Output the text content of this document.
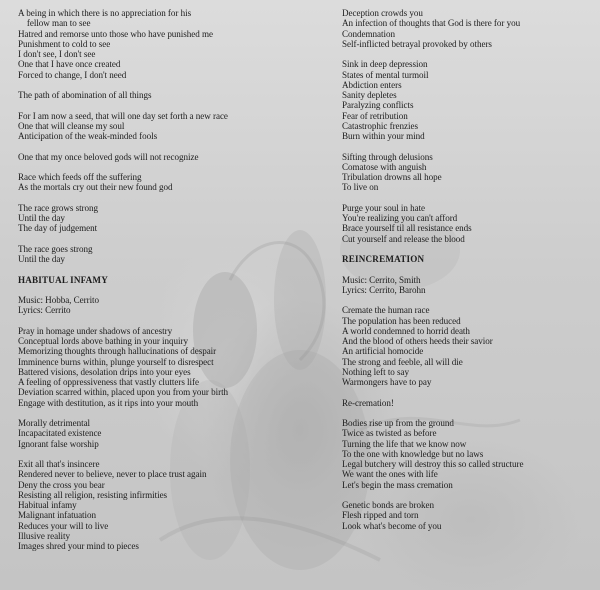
A being in which there is no appreciation for his
fellow man to see
Hatred and remorse unto those who have punished me
Punishment to cold to see
I don't see, I don't see
One that I have once created
Forced to change, I don't need
The path of abomination of all things
For I am now a seed, that will one day set forth a new race
One that will cleanse my soul
Anticipation of the weak-minded fools
One that my once beloved gods will not recognize
Race which feeds off the suffering
As the mortals cry out their new found god
The race grows strong
Until the day
The day of judgement
The race goes strong
Until the day
HABITUAL INFAMY
Music: Hobba, Cerrito
Lyrics: Cerrito
Pray in homage under shadows of ancestry
Conceptual lords above bathing in your inquiry
Memorizing thoughts through hallucinations of despair
Imminence burns within, plunge yourself to disrespect
Battered visions, desolation drips into your eyes
A feeling of oppressiveness that vastly clutters life
Deviation scarred within, placed upon you from your birth
Engage with destitution, as it rips into your mouth
Morally detrimental
Incapacitated existence
Ignorant false worship
Exit all that's insincere
Rendered never to believe, never to place trust again
Deny the cross you bear
Resisting all religion, resisting infirmities
Habitual infamy
Malignant infatuation
Reduces your will to live
Illusive reality
Images shred your mind to pieces
Deception crowds you
An infection of thoughts that God is there for you
Condemnation
Self-inflicted betrayal provoked by others
Sink in deep depression
States of mental turmoil
Abdiction enters
Sanity depletes
Paralyzing conflicts
Fear of retribution
Catastrophic frenzies
Burn within your mind
Sifting through delusions
Comatose with anguish
Tribulation drowns all hope
To live on
Purge your soul in hate
You're realizing you can't afford
Brace yourself til all resistance ends
Cut yourself and release the blood
REINCREMATION
Music: Cerrito, Smith
Lyrics: Cerrito, Barohn
Cremate the human race
The population has been reduced
A world condemned to horrid death
And the blood of others heeds their savior
An artificial homocide
The strong and feeble, all will die
Nothing left to say
Warmongers have to pay
Re-cremation!
Bodies rise up from the ground
Twice as twisted as before
Turning the life that we know now
To the one with knowledge but no laws
Legal butchery will destroy this so called structure
We want the ones with life
Let's begin the mass cremation
Genetic bonds are broken
Flesh ripped and torn
Look what's become of you
